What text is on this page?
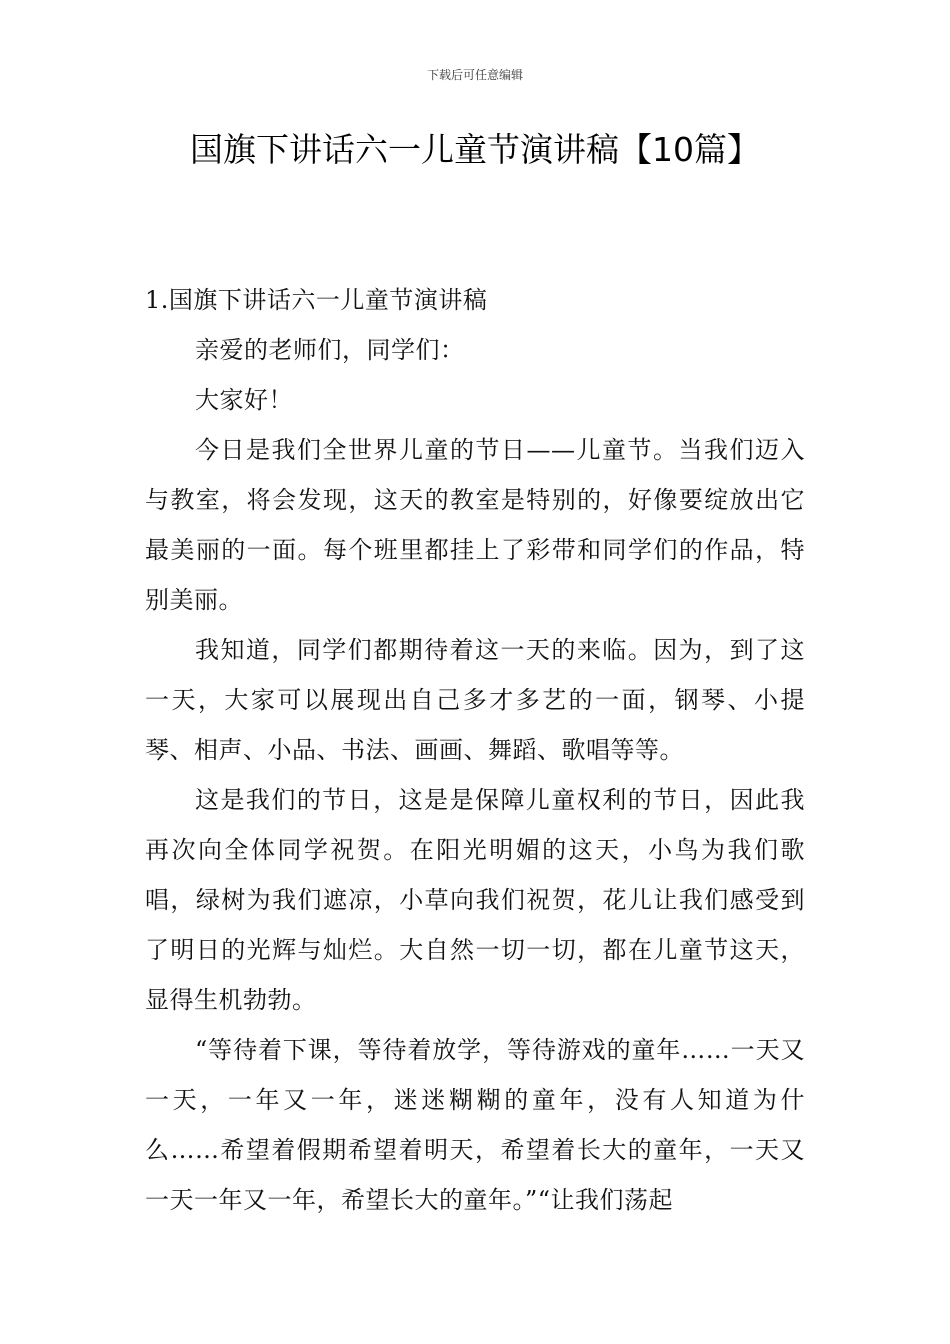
下载后可任意编辑
国旗下讲话六一儿童节演讲稿【10篇】

1.国旗下讲话六一儿童节演讲稿

亲爱的老师们，同学们：

大家好！

今日是我们全世界儿童的节日——儿童节。当我们迈入与教室，将会发现，这天的教室是特别的，好像要绽放出它最美丽的一面。每个班里都挂上了彩带和同学们的作品，特别美丽。

我知道，同学们都期待着这一天的来临。因为，到了这一天，大家可以展现出自己多才多艺的一面，钢琴、小提琴、相声、小品、书法、画画、舞蹈、歌唱等等。

这是我们的节日，这是是保障儿童权利的节日，因此我再次向全体同学祝贺。在阳光明媚的这天，小鸟为我们歌唱，绿树为我们遮凉，小草向我们祝贺，花儿让我们感受到了明日的光辉与灿烂。大自然一切一切，都在儿童节这天，显得生机勃勃。

“等待着下课，等待着放学，等待游戏的童年……一天又一天，一年又一年，迷迷糊糊的童年，没有人知道为什么……希望着假期希望着明天，希望着长大的童年，一天又一天一年又一年，希望长大的童年。”“让我们荡起
